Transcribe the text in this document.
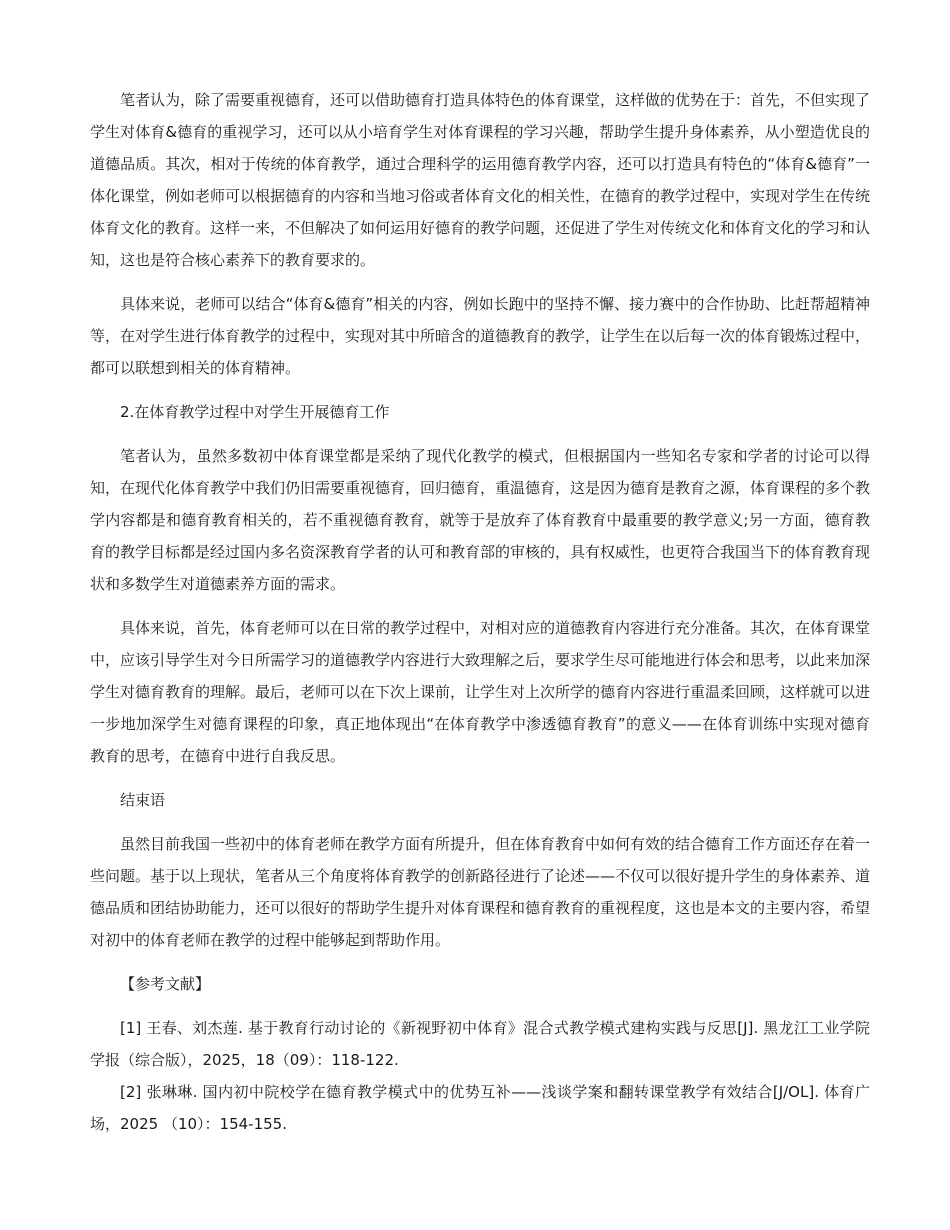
笔者认为，除了需要重视德育，还可以借助德育打造具体特色的体育课堂，这样做的优势在于：首先，不但实现了学生对体育&德育的重视学习，还可以从小培育学生对体育课程的学习兴趣，帮助学生提升身体素养，从小塑造优良的道德品质。其次，相对于传统的体育教学，通过合理科学的运用德育教学内容，还可以打造具有特色的“体育&德育”一体化课堂，例如老师可以根据德育的内容和当地习俗或者体育文化的相关性，在德育的教学过程中，实现对学生在传统体育文化的教育。这样一来，不但解决了如何运用好德育的教学问题，还促进了学生对传统文化和体育文化的学习和认知，这也是符合核心素养下的教育要求的。

具体来说，老师可以结合“体育&德育”相关的内容，例如长跑中的坚持不懈、接力赛中的合作协助、比赶帮超精神等，在对学生进行体育教学的过程中，实现对其中所暗含的道德教育的教学，让学生在以后每一次的体育锻炼过程中，都可以联想到相关的体育精神。

2.在体育教学过程中对学生开展德育工作

笔者认为，虽然多数初中体育课堂都是采纳了现代化教学的模式，但根据国内一些知名专家和学者的讨论可以得知，在现代化体育教学中我们仍旧需要重视德育，回归德育，重温德育，这是因为德育是教育之源，体育课程的多个教学内容都是和德育教育相关的，若不重视德育教育，就等于是放弃了体育教育中最重要的教学意义;另一方面，德育教育的教学目标都是经过国内多名资深教育学者的认可和教育部的审核的，具有权威性，也更符合我国当下的体育教育现状和多数学生对道德素养方面的需求。

具体来说，首先，体育老师可以在日常的教学过程中，对相对应的道德教育内容进行充分准备。其次，在体育课堂中，应该引导学生对今日所需学习的道德教学内容进行大致理解之后，要求学生尽可能地进行体会和思考，以此来加深学生对德育教育的理解。最后，老师可以在下次上课前，让学生对上次所学的德育内容进行重温柔回顾，这样就可以进一步地加深学生对德育课程的印象，真正地体现出“在体育教学中渗透德育教育”的意义——在体育训练中实现对德育教育的思考，在德育中进行自我反思。

结束语

虽然目前我国一些初中的体育老师在教学方面有所提升，但在体育教育中如何有效的结合德育工作方面还存在着一些问题。基于以上现状，笔者从三个角度将体育教学的创新路径进行了论述——不仅可以很好提升学生的身体素养、道德品质和团结协助能力，还可以很好的帮助学生提升对体育课程和德育教育的重视程度，这也是本文的主要内容，希望对初中的体育老师在教学的过程中能够起到帮助作用。

【参考文献】

[1] 王春、刘杰莲. 基于教育行动讨论的《新视野初中体育》混合式教学模式建构实践与反思[J]. 黑龙江工业学院学报（综合版），2025，18（09）：118-122.

[2] 张琳琳. 国内初中院校学在德育教学模式中的优势互补——浅谈学案和翻转课堂教学有效结合[J/OL]. 体育广场，2025 （10）：154-155.
